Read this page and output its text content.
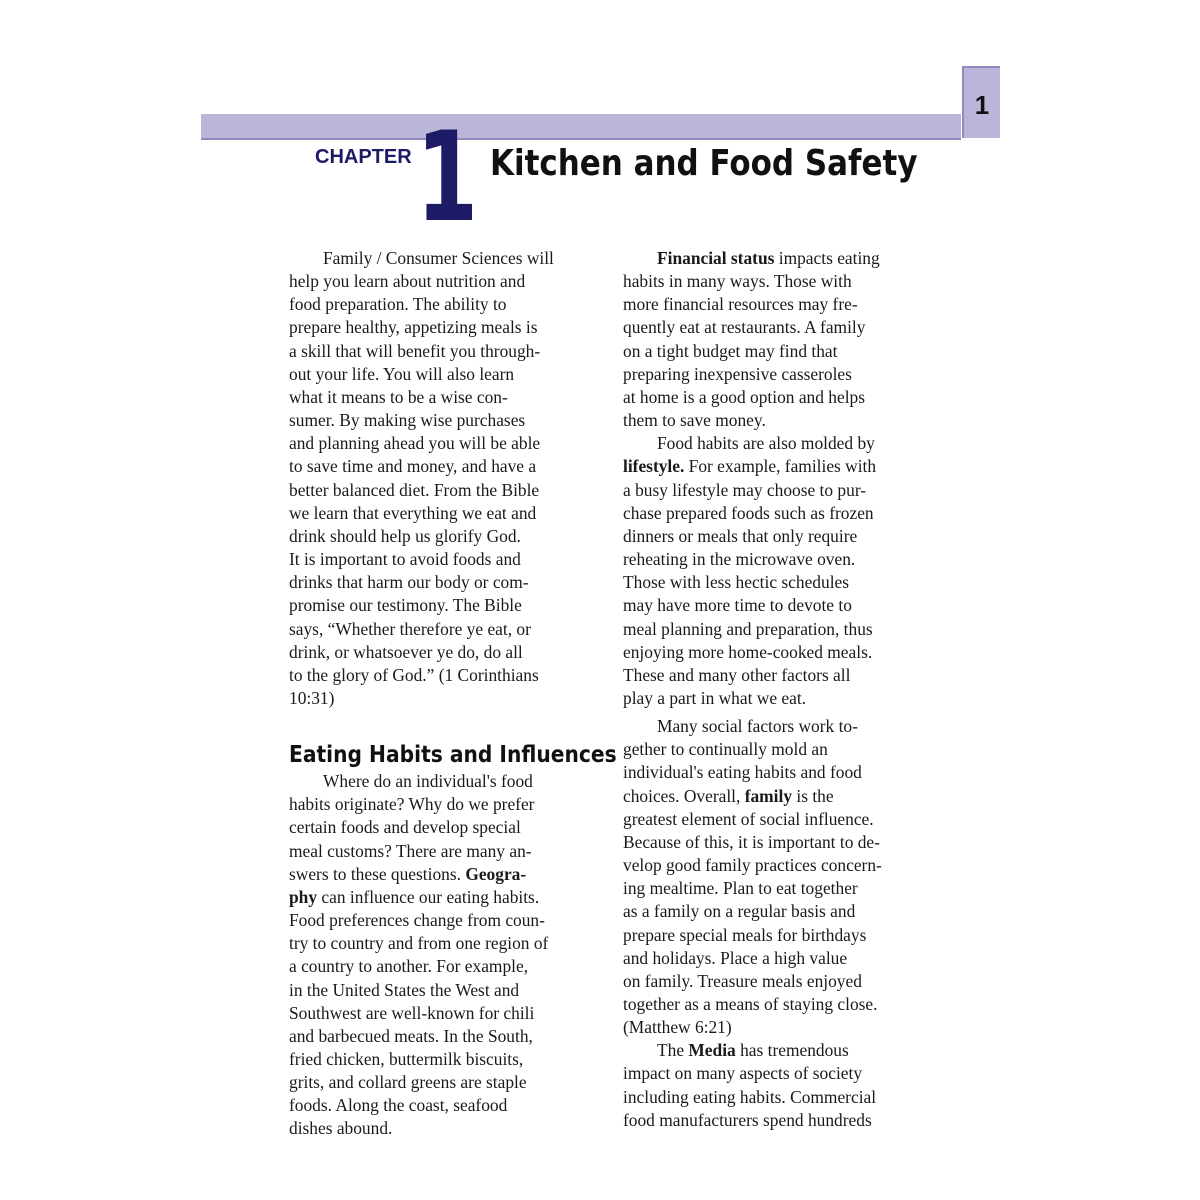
1
CHAPTER 1 Kitchen and Food Safety

Family / Consumer Sciences will

help you learn about nutrition and

food preparation. The ability to

prepare healthy, appetizing meals is

a skill that will benefit you through-

out your life. You will also learn

what it means to be a wise con-

sumer. By making wise purchases

and planning ahead you will be able

to save time and money, and have a

better balanced diet. From the Bible

we learn that everything we eat and

drink should help us glorify God.

It is important to avoid foods and

drinks that harm our body or com-

promise our testimony. The Bible

says, “Whether therefore ye eat, or

drink, or whatsoever ye do, do all

to the glory of God.” (1 Corinthians

10:31)

Eating Habits and Influences

Where do an individual's food

habits originate? Why do we prefer

certain foods and develop special

meal customs? There are many an-

swers to these questions. Geogra-

phy can influence our eating habits.

Food preferences change from coun-

try to country and from one region of

a country to another. For example,

in the United States the West and

Southwest are well-known for chili

and barbecued meats. In the South,

fried chicken, buttermilk biscuits,

grits, and collard greens are staple

foods. Along the coast, seafood

dishes abound.

Financial status impacts eating

habits in many ways. Those with

more financial resources may fre-

quently eat at restaurants. A family

on a tight budget may find that

preparing inexpensive casseroles

at home is a good option and helps

them to save money.

Food habits are also molded by

lifestyle. For example, families with

a busy lifestyle may choose to pur-

chase prepared foods such as frozen

dinners or meals that only require

reheating in the microwave oven.

Those with less hectic schedules

may have more time to devote to

meal planning and preparation, thus

enjoying more home-cooked meals.

These and many other factors all

play a part in what we eat.

Many social factors work to-

gether to continually mold an

individual's eating habits and food

choices. Overall, family is the

greatest element of social influence.

Because of this, it is important to de-

velop good family practices concern-

ing mealtime. Plan to eat together

as a family on a regular basis and

prepare special meals for birthdays

and holidays. Place a high value

on family. Treasure meals enjoyed

together as a means of staying close.

(Matthew 6:21)

The Media has tremendous

impact on many aspects of society

including eating habits. Commercial

food manufacturers spend hundreds
